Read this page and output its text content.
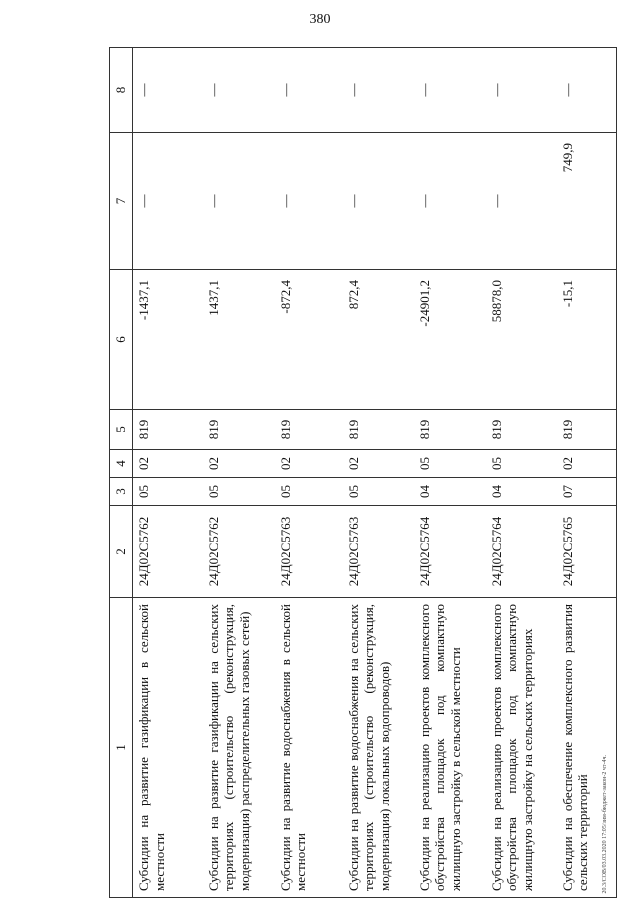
380
20.3/СОВ/03.03.2020 17:05/зим-бюджет-закон-2 чт-4ч.
1	2	3	4	5	6	7	8
Субсидии на развитие газификации в сельской местности	24Д02С5762	05	02	819	-1437,1	—	—
Субсидии на развитие газификации на сельских территориях (строительство (реконструкция, модернизация) распределительных газовых сетей)	24Д02С5762	05	02	819	1437,1	—	—
Субсидии на развитие водоснабжения в сельской местности	24Д02С5763	05	02	819	-872,4	—	—
Субсидии на развитие водоснабжения на сельских территориях (строительство (реконструкция, модернизация) локальных водопроводов)	24Д02С5763	05	02	819	872,4	—	—
Субсидии на реализацию проектов комплексного обустройства площадок под компактную жилищную застройку в сельской местности	24Д02С5764	04	05	819	-24901,2	—	—
Субсидии на реализацию проектов комплексного обустройства площадок под компактную жилищную застройку на сельских территориях	24Д02С5764	04	05	819	58878,0	—	—
Субсидии на обеспечение комплексного развития сельских территорий	24Д02С5765	07	02	819	-15,1	749,9	—
